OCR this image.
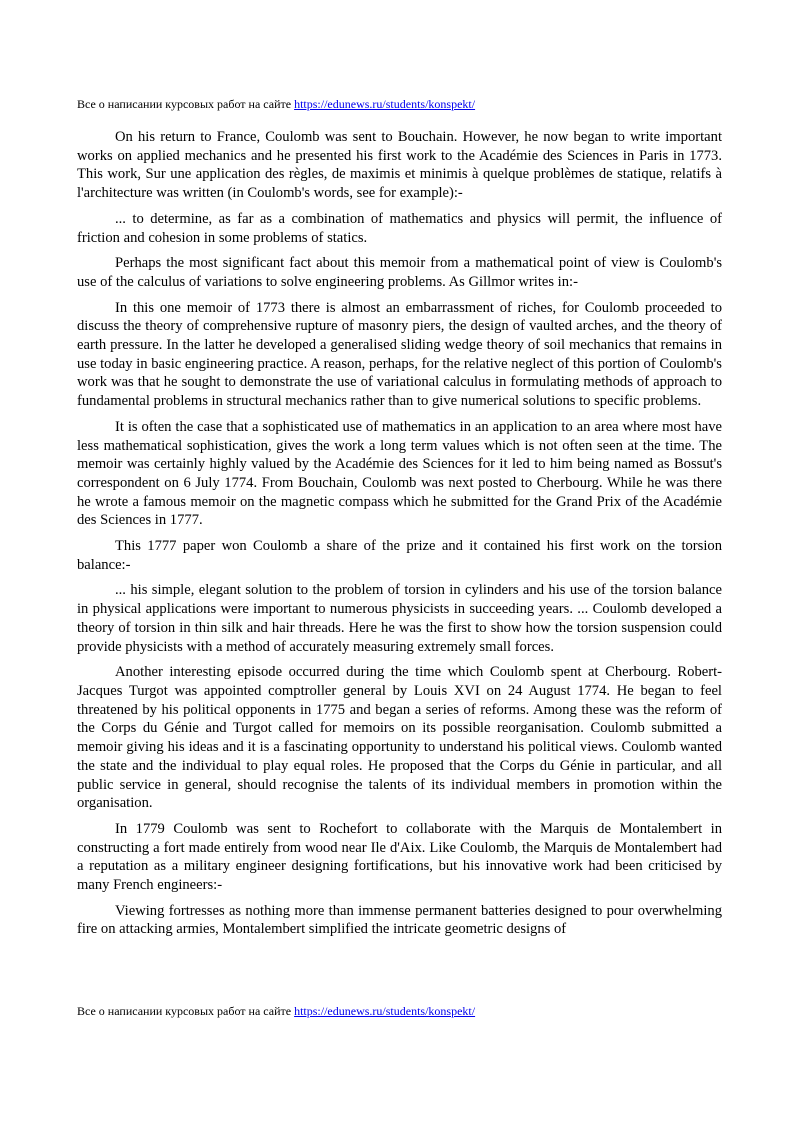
Все о написании курсовых работ на сайте https://edunews.ru/students/konspekt/

On his return to France, Coulomb was sent to Bouchain. However, he now began to write important works on applied mechanics and he presented his first work to the Académie des Sciences in Paris in 1773. This work, Sur une application des règles, de maximis et minimis à quelque problèmes de statique, relatifs à l'architecture was written (in Coulomb's words, see for example):-

... to determine, as far as a combination of mathematics and physics will permit, the influence of friction and cohesion in some problems of statics.

Perhaps the most significant fact about this memoir from a mathematical point of view is Coulomb's use of the calculus of variations to solve engineering problems. As Gillmor writes in:-

In this one memoir of 1773 there is almost an embarrassment of riches, for Coulomb proceeded to discuss the theory of comprehensive rupture of masonry piers, the design of vaulted arches, and the theory of earth pressure. In the latter he developed a generalised sliding wedge theory of soil mechanics that remains in use today in basic engineering practice. A reason, perhaps, for the relative neglect of this portion of Coulomb's work was that he sought to demonstrate the use of variational calculus in formulating methods of approach to fundamental problems in structural mechanics rather than to give numerical solutions to specific problems.

It is often the case that a sophisticated use of mathematics in an application to an area where most have less mathematical sophistication, gives the work a long term values which is not often seen at the time. The memoir was certainly highly valued by the Académie des Sciences for it led to him being named as Bossut's correspondent on 6 July 1774. From Bouchain, Coulomb was next posted to Cherbourg. While he was there he wrote a famous memoir on the magnetic compass which he submitted for the Grand Prix of the Académie des Sciences in 1777.

This 1777 paper won Coulomb a share of the prize and it contained his first work on the torsion balance:-

... his simple, elegant solution to the problem of torsion in cylinders and his use of the torsion balance in physical applications were important to numerous physicists in succeeding years. ... Coulomb developed a theory of torsion in thin silk and hair threads. Here he was the first to show how the torsion suspension could provide physicists with a method of accurately measuring extremely small forces.

Another interesting episode occurred during the time which Coulomb spent at Cherbourg. Robert-Jacques Turgot was appointed comptroller general by Louis XVI on 24 August 1774. He began to feel threatened by his political opponents in 1775 and began a series of reforms. Among these was the reform of the Corps du Génie and Turgot called for memoirs on its possible reorganisation. Coulomb submitted a memoir giving his ideas and it is a fascinating opportunity to understand his political views. Coulomb wanted the state and the individual to play equal roles. He proposed that the Corps du Génie in particular, and all public service in general, should recognise the talents of its individual members in promotion within the organisation.

In 1779 Coulomb was sent to Rochefort to collaborate with the Marquis de Montalembert in constructing a fort made entirely from wood near Ile d'Aix. Like Coulomb, the Marquis de Montalembert had a reputation as a military engineer designing fortifications, but his innovative work had been criticised by many French engineers:-

Viewing fortresses as nothing more than immense permanent batteries designed to pour overwhelming fire on attacking armies, Montalembert simplified the intricate geometric designs of

Все о написании курсовых работ на сайте https://edunews.ru/students/konspekt/
